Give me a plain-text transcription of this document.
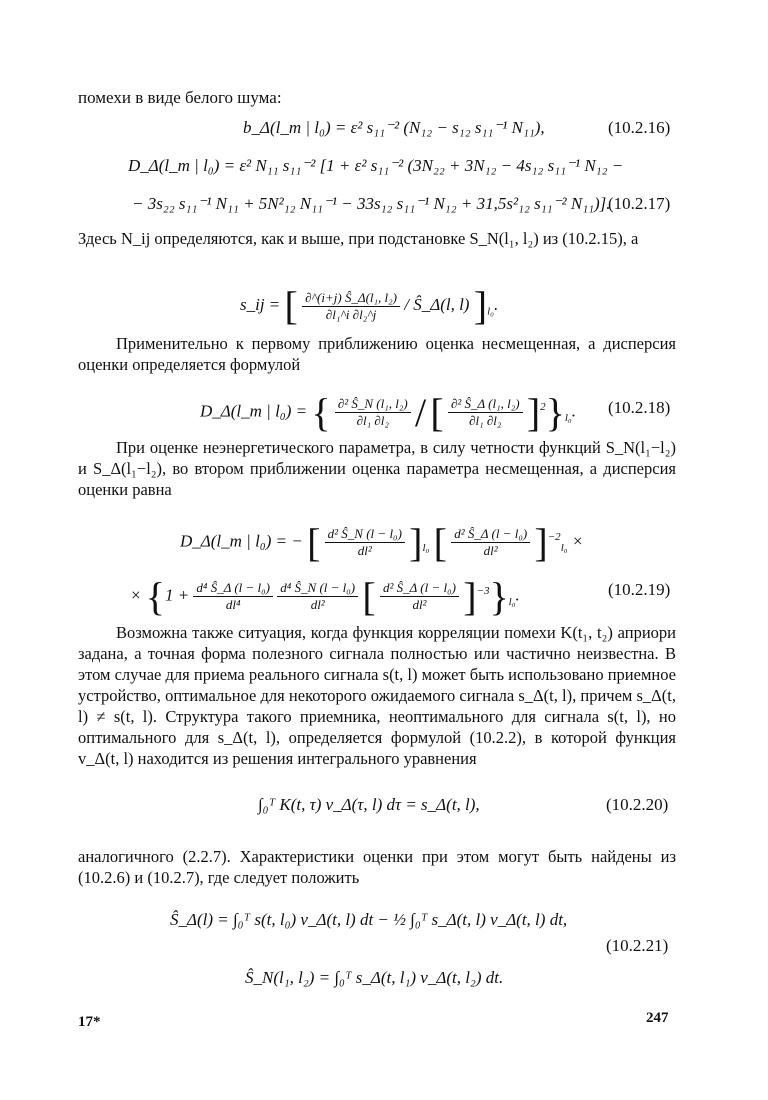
помехи в виде белого шума:
b_Δ(l_m | l₀) = ε² s₁₁⁻² (N₁₂ − s₁₂ s₁₁⁻¹ N₁₁),	(10.2.16)
D_Δ(l_m | l₀) = ε² N₁₁ s₁₁⁻² [1 + ε² s₁₁⁻² (3N₂₂ + 3N₁₂ − 4s₁₂ s₁₁⁻¹ N₁₂ −
− 3s₂₂ s₁₁⁻¹ N₁₁ + 5N²₁₂ N₁₁⁻¹ − 33s₁₂ s₁₁⁻¹ N₁₂ + 31,5s²₁₂ s₁₁⁻² N₁₁)].
(10.2.17)
Здесь N_ij определяются, как и выше, при подстановке S_N(l₁, l₂) из (10.2.15), а
s_ij = [ $\frac{\text{∂\textasciicircum{}(i+j) Ŝ\_Δ(l₁, l₂)}}{\text{∂l₁\textasciicircum{}i ∂l₂\textasciicircum{}j}}$ / Ŝ_Δ(l, l) ]$_{l_0}$.
Применительно к первому приближению оценка несмещенная, а дисперсия оценки определяется формулой
D_Δ(l_m | l₀) = { $\frac{\text{∂² Ŝ\_N (l₁, l₂)}}{\text{∂l₁ ∂l₂}}$ / [ $\frac{\text{∂² Ŝ\_Δ (l₁, l₂)}}{\text{∂l₁ ∂l₂}} ]^2\}_{l_0}$. (10.2.18)
При оценке неэнергетического параметра, в силу четности функций S_N(l₁−l₂) и S_Δ(l₁−l₂), во втором приближении оценка параметра несмещенная, а дисперсия оценки равна
D_Δ(l_m | l₀) = − [ $\frac{\text{d² Ŝ\_N (l − l₀)}}{\text{dl²}} ]_{l_0}$ [ $\frac{\text{d² Ŝ\_Δ (l − l₀)}}{\text{dl²}} ]^{-2}_{l_0}$ ×
× {$1 + \frac{\text{d⁴ Ŝ\_Δ (l − l₀)}}{\text{dl⁴}}$
$\frac{\text{d⁴ Ŝ\_N (l − l₀)}}{\text{dl²}}$ [ $\frac{\text{d² Ŝ\_Δ (l − l₀)}}{\text{dl²}} ]^{-3}\}_{l_0}$.	(10.2.19)
Возможна также ситуация, когда функция корреляции помехи K(t₁, t₂) априори задана, а точная форма полезного сигнала полностью или частично неизвестна. В этом случае для приема реального сигнала s(t, l) может быть использовано приемное устройство, оптимальное для некоторого ожидаемого сигнала s_Δ(t, l), причем s_Δ(t, l) ≠ s(t, l). Структура такого приемника, неоптимального для сигнала s(t, l), но оптимального для s_Δ(t, l), определяется формулой (10.2.2), в которой функция v_Δ(t, l) находится из решения интегрального уравнения
∫₀ᵀ K(t, τ) v_Δ(τ, l) dτ = s_Δ(t, l),	(10.2.20)
аналогичного (2.2.7). Характеристики оценки при этом могут быть найдены из (10.2.6) и (10.2.7), где следует положить
Ŝ_Δ(l) = ∫₀ᵀ s(t, l₀) v_Δ(t, l) dt − ½ ∫₀ᵀ s_Δ(t, l) v_Δ(t, l) dt,
(10.2.21)
Ŝ_N(l₁, l₂) = ∫₀ᵀ s_Δ(t, l₁) v_Δ(t, l₂) dt.
17*	247
